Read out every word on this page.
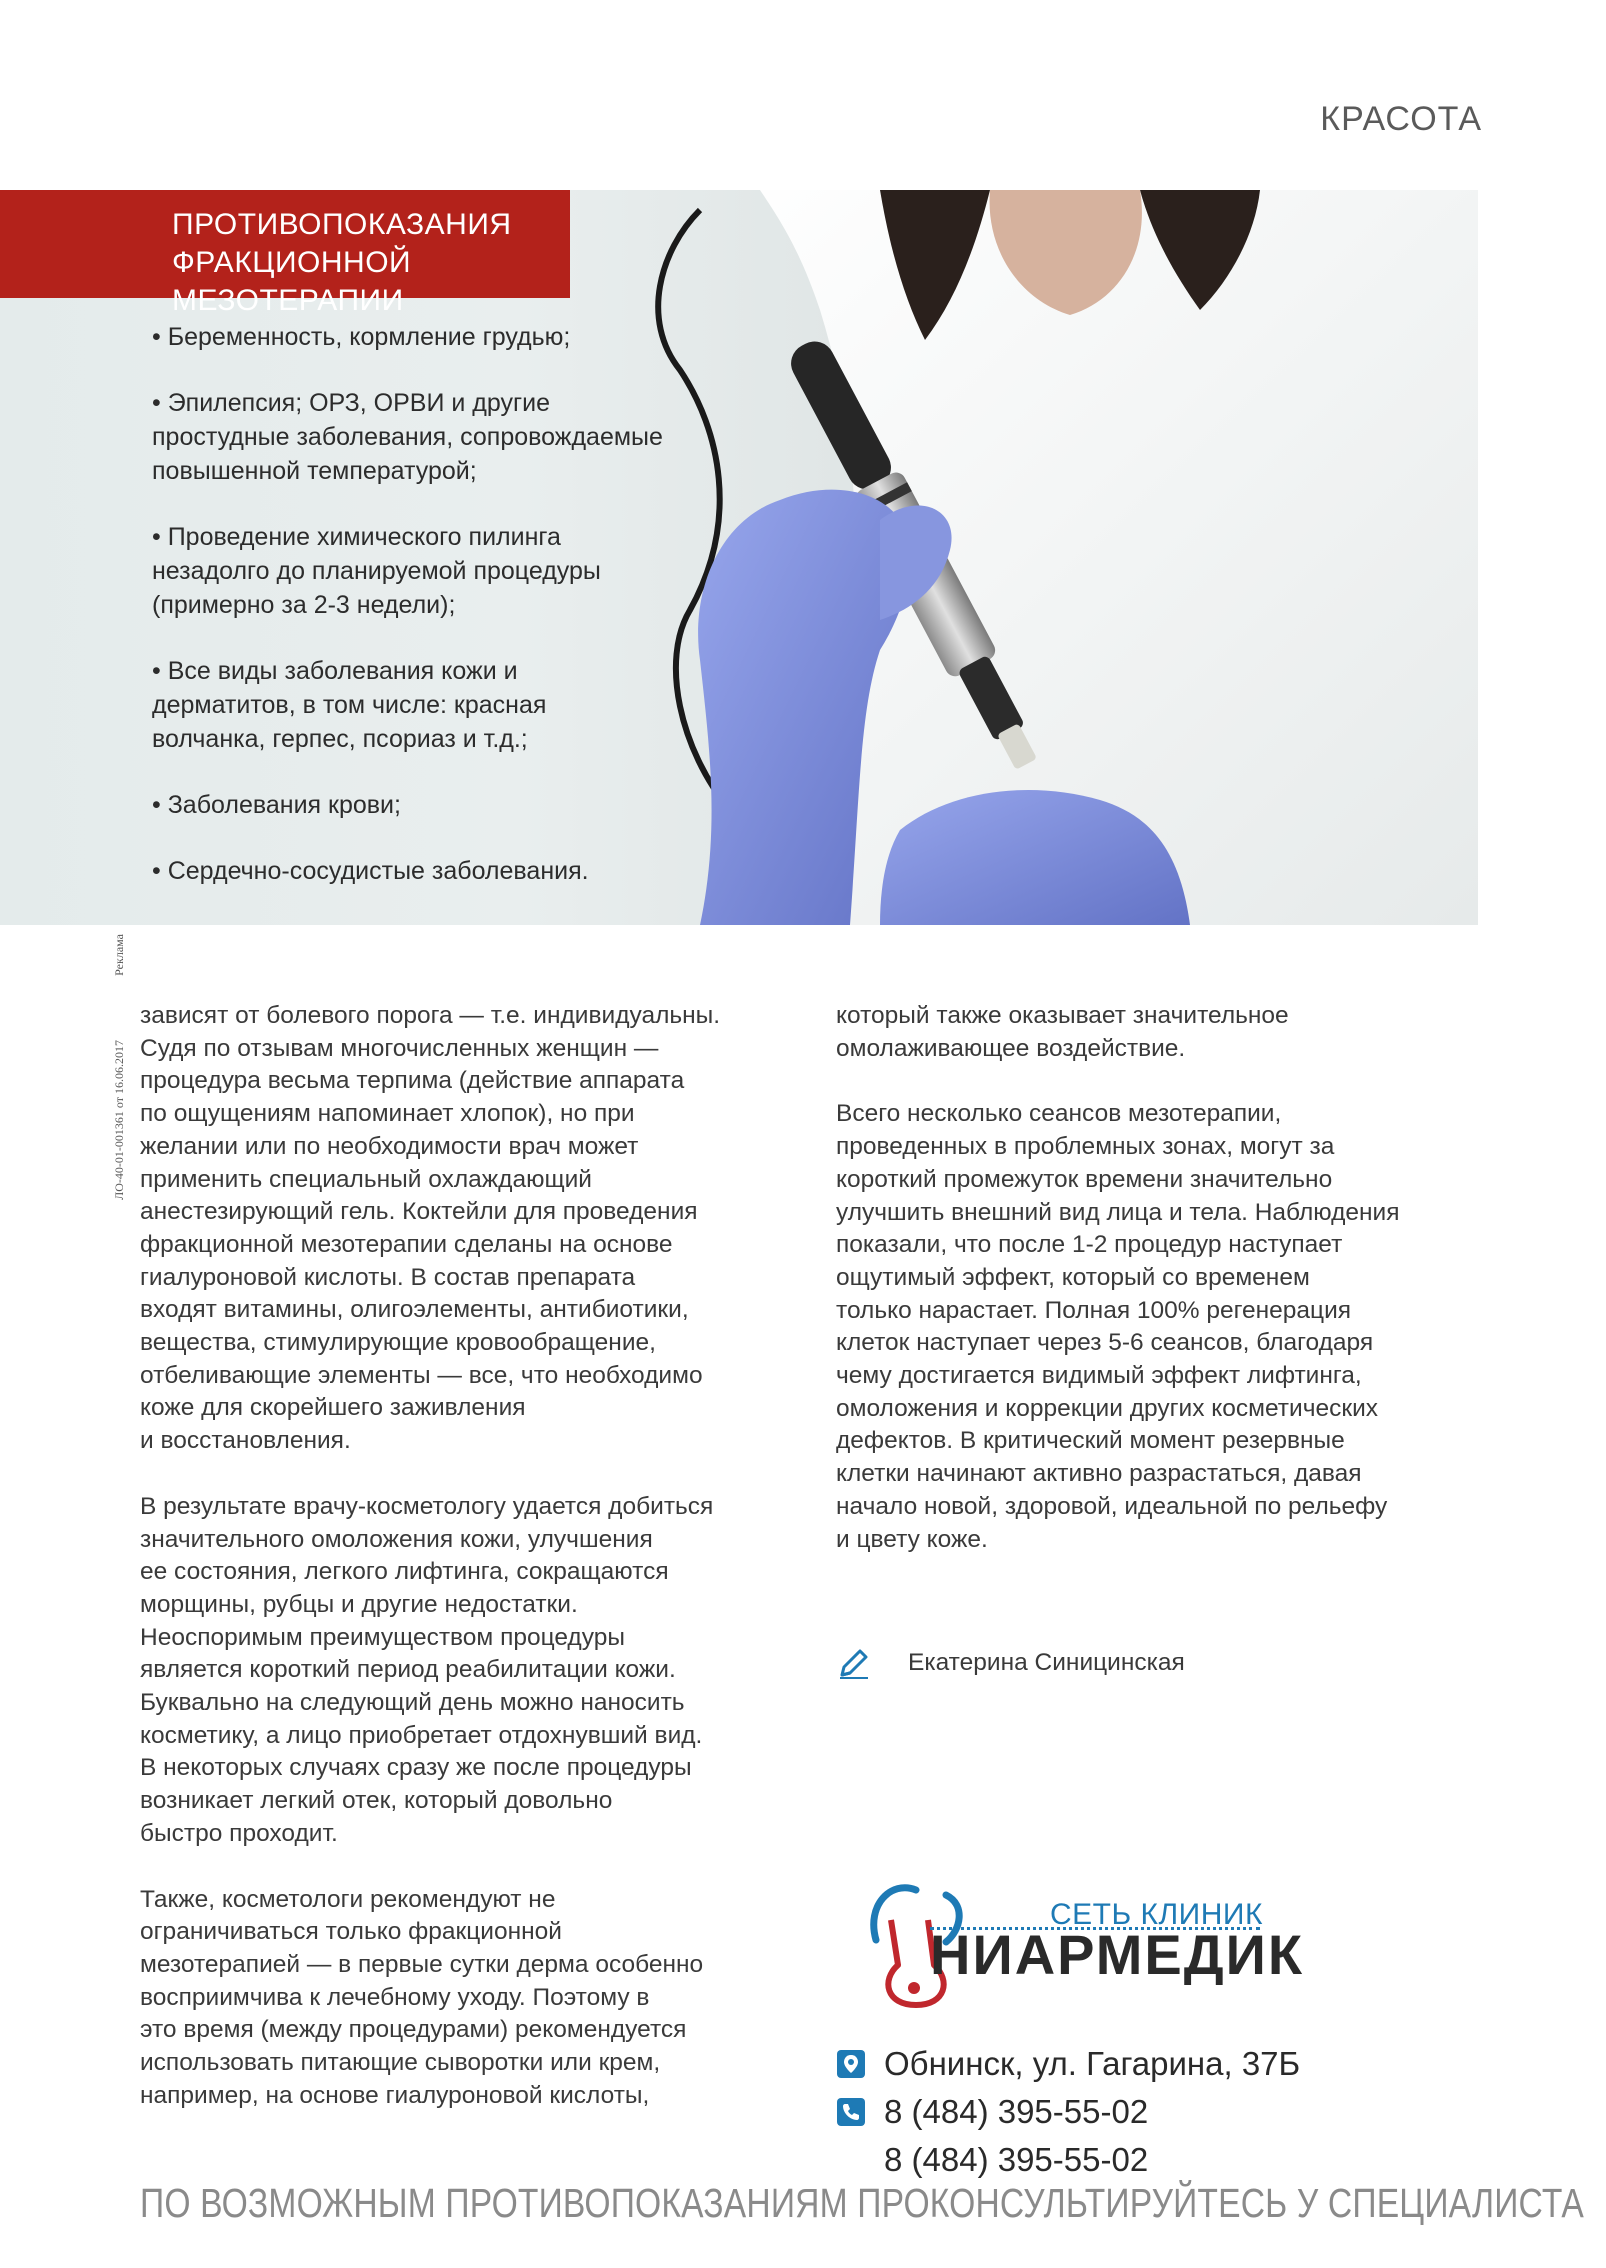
КРАСОТА
ПРОТИВОПОКАЗАНИЯ
ФРАКЦИОННОЙ МЕЗОТЕРАПИИ
• Беременность, кормление грудью;
• Эпилепсия; ОРЗ, ОРВИ и другие
простудные заболевания, сопровождаемые
повышенной температурой;
• Проведение химического пилинга
незадолго до планируемой процедуры
(примерно за 2-3 недели);
• Все виды заболевания кожи и
дерматитов, в том числе: красная
волчанка, герпес, псориаз и т.д.;
• Заболевания крови;
• Сердечно-сосудистые заболевания.
Реклама
ЛО-40-01-001361 от 16.06.2017

зависят от болевого порога — т.е. индивидуальны.
Судя по отзывам многочисленных женщин —
процедура весьма терпима (действие аппарата
по ощущениям напоминает хлопок), но при
желании или по необходимости врач может
применить специальный охлаждающий
анестезирующий гель. Коктейли для проведения
фракционной мезотерапии сделаны на основе
гиалуроновой кислоты. В состав препарата
входят витамины, олигоэлементы, антибиотики,
вещества, стимулирующие кровообращение,
отбеливающие элементы — все, что необходимо
коже для скорейшего заживления
и восстановления.

В результате врачу-косметологу удается добиться
значительного омоложения кожи, улучшения
ее состояния, легкого лифтинга, сокращаются
морщины, рубцы и другие недостатки.
Неоспоримым преимуществом процедуры
является короткий период реабилитации кожи.
Буквально на следующий день можно наносить
косметику, а лицо приобретает отдохнувший вид.
В некоторых случаях сразу же после процедуры
возникает легкий отек, который довольно
быстро проходит.

Также, косметологи рекомендуют не
ограничиваться только фракционной
мезотерапией — в первые сутки дерма особенно
восприимчива к лечебному уходу. Поэтому в
это время (между процедурами) рекомендуется
использовать питающие сыворотки или крем,
например, на основе гиалуроновой кислоты,

который также оказывает значительное
омолаживающее воздействие.

Всего несколько сеансов мезотерапии,
проведенных в проблемных зонах, могут за
короткий промежуток времени значительно
улучшить внешний вид лица и тела. Наблюдения
показали, что после 1-2 процедур наступает
ощутимый эффект, который со временем
только нарастает. Полная 100% регенерация
клеток наступает через 5-6 сеансов, благодаря
чему достигается видимый эффект лифтинга,
омоложения и коррекции других косметических
дефектов. В критический момент резервные
клетки начинают активно разрастаться, давая
начало новой, здоровой, идеальной по рельефу
и цвету коже.

Екатерина Синицинская
СЕТЬ КЛИНИК
НИАРМЕДИК
Обнинск, ул. Гагарина, 37Б
8 (484) 395-55-02
8 (484) 395-55-02
ПО ВОЗМОЖНЫМ ПРОТИВОПОКАЗАНИЯМ ПРОКОНСУЛЬТИРУЙТЕСЬ У СПЕЦИАЛИСТА
